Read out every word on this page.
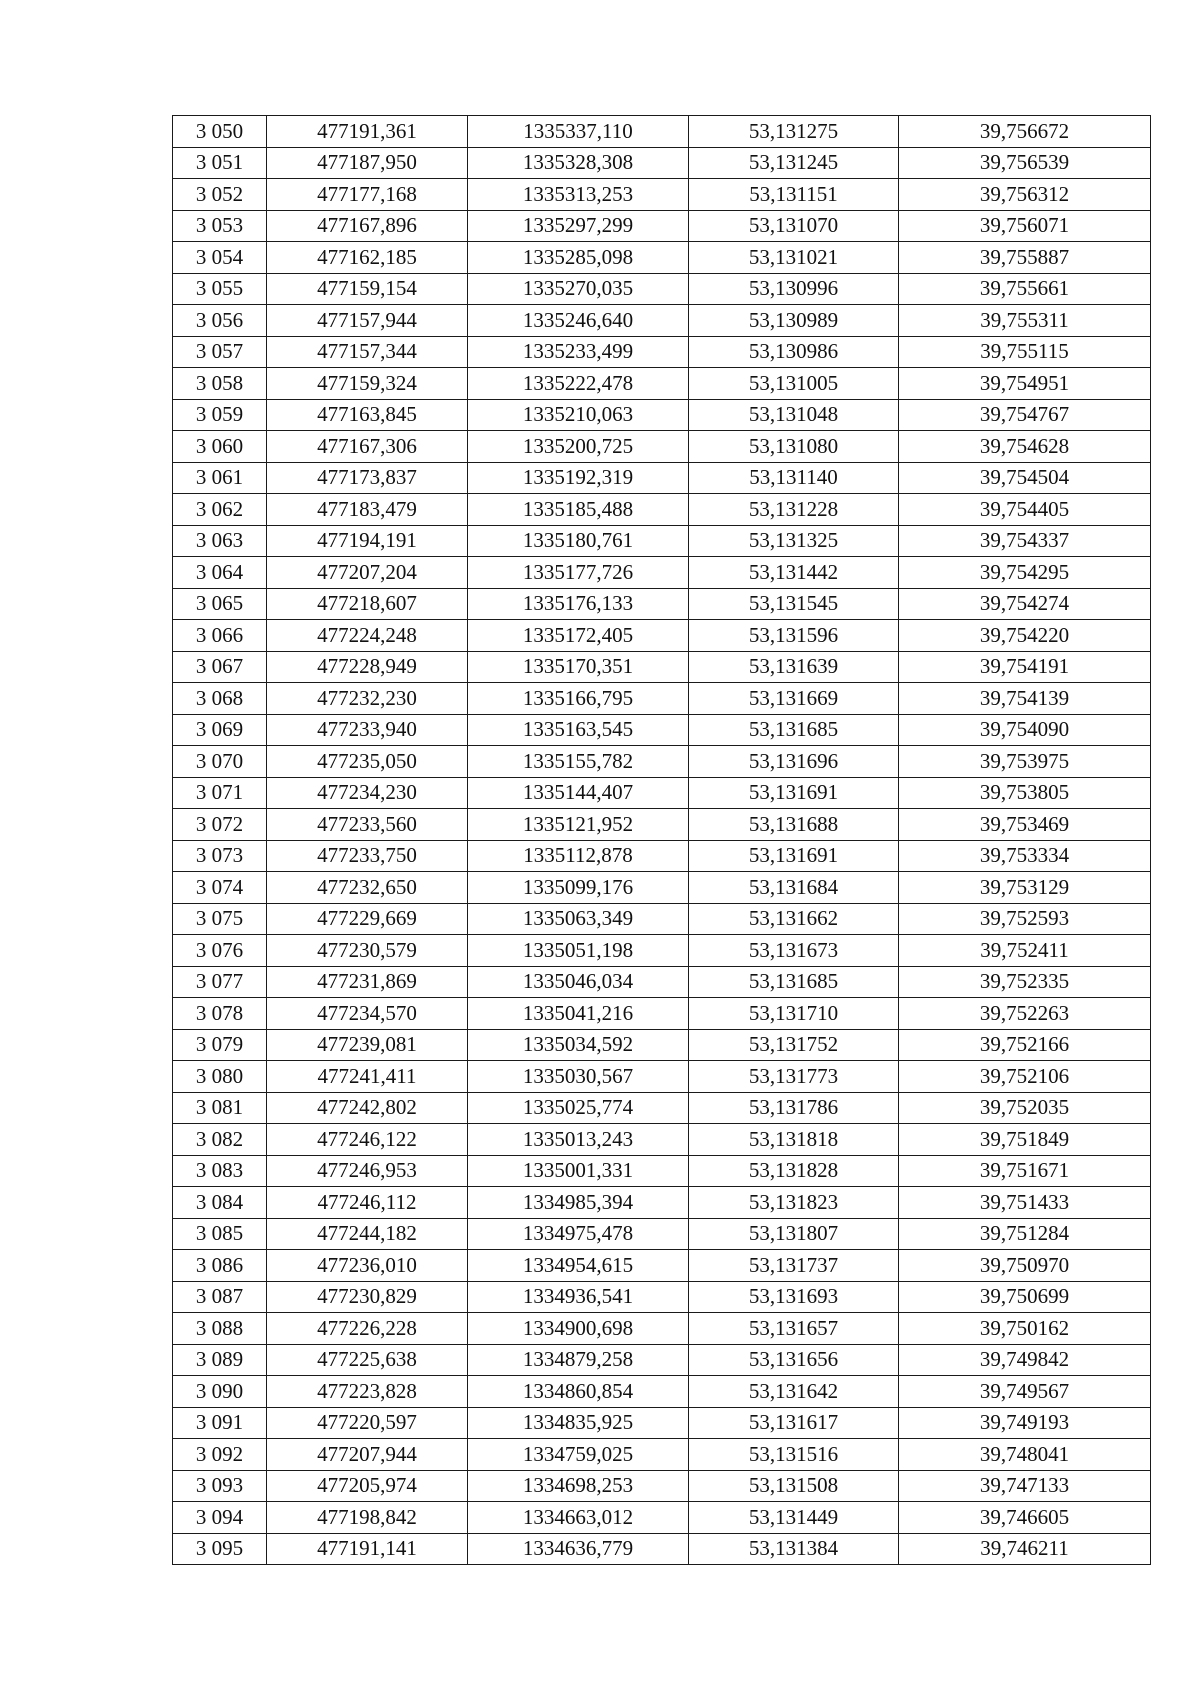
3 050	477191,361	1335337,110	53,131275	39,756672
3 051	477187,950	1335328,308	53,131245	39,756539
3 052	477177,168	1335313,253	53,131151	39,756312
3 053	477167,896	1335297,299	53,131070	39,756071
3 054	477162,185	1335285,098	53,131021	39,755887
3 055	477159,154	1335270,035	53,130996	39,755661
3 056	477157,944	1335246,640	53,130989	39,755311
3 057	477157,344	1335233,499	53,130986	39,755115
3 058	477159,324	1335222,478	53,131005	39,754951
3 059	477163,845	1335210,063	53,131048	39,754767
3 060	477167,306	1335200,725	53,131080	39,754628
3 061	477173,837	1335192,319	53,131140	39,754504
3 062	477183,479	1335185,488	53,131228	39,754405
3 063	477194,191	1335180,761	53,131325	39,754337
3 064	477207,204	1335177,726	53,131442	39,754295
3 065	477218,607	1335176,133	53,131545	39,754274
3 066	477224,248	1335172,405	53,131596	39,754220
3 067	477228,949	1335170,351	53,131639	39,754191
3 068	477232,230	1335166,795	53,131669	39,754139
3 069	477233,940	1335163,545	53,131685	39,754090
3 070	477235,050	1335155,782	53,131696	39,753975
3 071	477234,230	1335144,407	53,131691	39,753805
3 072	477233,560	1335121,952	53,131688	39,753469
3 073	477233,750	1335112,878	53,131691	39,753334
3 074	477232,650	1335099,176	53,131684	39,753129
3 075	477229,669	1335063,349	53,131662	39,752593
3 076	477230,579	1335051,198	53,131673	39,752411
3 077	477231,869	1335046,034	53,131685	39,752335
3 078	477234,570	1335041,216	53,131710	39,752263
3 079	477239,081	1335034,592	53,131752	39,752166
3 080	477241,411	1335030,567	53,131773	39,752106
3 081	477242,802	1335025,774	53,131786	39,752035
3 082	477246,122	1335013,243	53,131818	39,751849
3 083	477246,953	1335001,331	53,131828	39,751671
3 084	477246,112	1334985,394	53,131823	39,751433
3 085	477244,182	1334975,478	53,131807	39,751284
3 086	477236,010	1334954,615	53,131737	39,750970
3 087	477230,829	1334936,541	53,131693	39,750699
3 088	477226,228	1334900,698	53,131657	39,750162
3 089	477225,638	1334879,258	53,131656	39,749842
3 090	477223,828	1334860,854	53,131642	39,749567
3 091	477220,597	1334835,925	53,131617	39,749193
3 092	477207,944	1334759,025	53,131516	39,748041
3 093	477205,974	1334698,253	53,131508	39,747133
3 094	477198,842	1334663,012	53,131449	39,746605
3 095	477191,141	1334636,779	53,131384	39,746211
